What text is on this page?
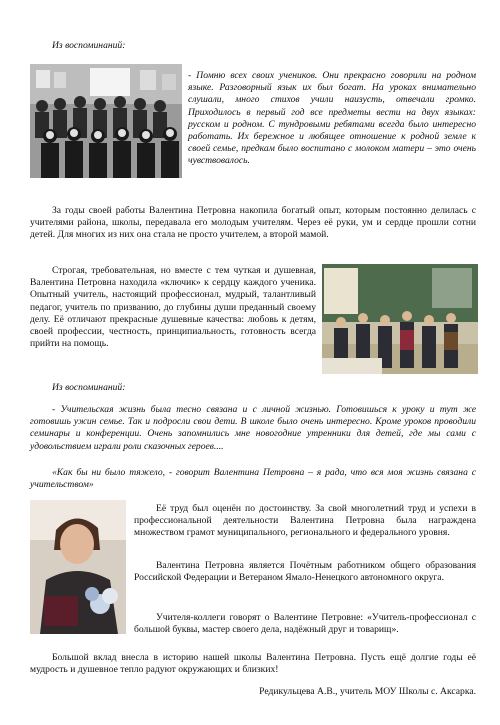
Из воспоминаний:
- Помню всех своих учеников. Они прекрасно говорили на родном языке. Разговорный язык их был богат. На уроках внимательно слушали, много стихов учили наизусть, отвечали громко. Приходилось в первый год все предметы вести на двух языках: русском и родном. С тундровыми ребятами всегда было интересно работать. Их бережное и любящее отношение к родной земле к своей семье, предкам было воспитано с молоком матери – это очень чувствовалось.
За годы своей работы Валентина Петровна накопила богатый опыт, которым постоянно делилась с учителями района, школы, передавала его молодым учителям. Через её руки, ум и сердце прошли сотни детей. Для многих из них она стала не просто учителем, а второй мамой.
Строгая, требовательная, но вместе с тем чуткая и душевная, Валентина Петровна находила «ключик» к сердцу каждого ученика. Опытный учитель, настоящий профессионал, мудрый, талантливый педагог, учитель по призванию, до глубины души преданный своему делу. Её отличают прекрасные душевные качества: любовь к детям, своей профессии, честность, принципиальность, готовность всегда прийти на помощь.
Из воспоминаний:
- Учительская жизнь была тесно связана и с личной жизнью. Готовишься к уроку и тут же готовишь ужин семье. Так и подросли свои дети. В школе было очень интересно. Кроме уроков проводили семинары и конференции. Очень запомнились мне новогодние утренники для детей, где мы сами с удовольствием играли роли сказочных героев....
«Как бы ни было тяжело, - говорит Валентина Петровна – я рада, что вся моя жизнь связана с учительством»
Её труд был оценён по достоинству. За свой многолетний труд и успехи в профессиональной деятельности Валентина Петровна была награждена множеством грамот муниципального, регионального и федерального уровня.
Валентина Петровна является Почётным работником общего образования Российской Федерации и Ветераном Ямало-Ненецкого автономного округа.
Учителя-коллеги говорят о Валентине Петровне: «Учитель-профессионал с большой буквы, мастер своего дела, надёжный друг и товарищ».
Большой вклад внесла в историю нашей школы Валентина Петровна. Пусть ещё долгие годы её мудрость и душевное тепло радуют окружающих и близких!
Редикульцева А.В., учитель МОУ Школы с. Аксарка.
